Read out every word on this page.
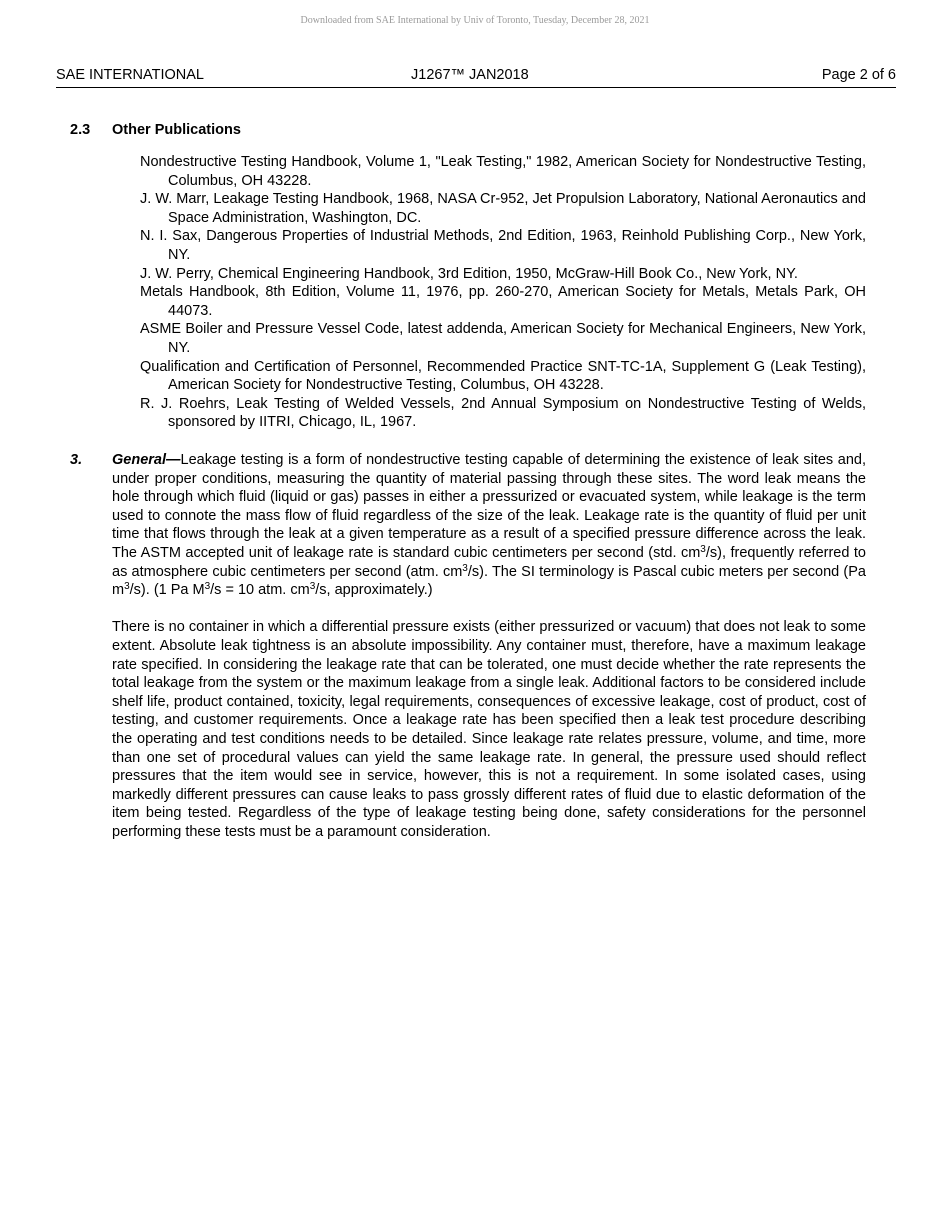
Downloaded from SAE International by Univ of Toronto, Tuesday, December 28, 2021
SAE INTERNATIONAL	J1267™ JAN2018	Page 2 of 6
2.3 Other Publications

Nondestructive Testing Handbook, Volume 1, "Leak Testing," 1982, American Society for Nondestructive Testing, Columbus, OH 43228.

J. W. Marr, Leakage Testing Handbook, 1968, NASA Cr-952, Jet Propulsion Laboratory, National Aeronautics and Space Administration, Washington, DC.

N. I. Sax, Dangerous Properties of Industrial Methods, 2nd Edition, 1963, Reinhold Publishing Corp., New York, NY.

J. W. Perry, Chemical Engineering Handbook, 3rd Edition, 1950, McGraw-Hill Book Co., New York, NY.

Metals Handbook, 8th Edition, Volume 11, 1976, pp. 260-270, American Society for Metals, Metals Park, OH 44073.

ASME Boiler and Pressure Vessel Code, latest addenda, American Society for Mechanical Engineers, New York, NY.

Qualification and Certification of Personnel, Recommended Practice SNT-TC-1A, Supplement G (Leak Testing), American Society for Nondestructive Testing, Columbus, OH 43228.

R. J. Roehrs, Leak Testing of Welded Vessels, 2nd Annual Symposium on Nondestructive Testing of Welds, sponsored by IITRI, Chicago, IL, 1967.

3. General—Leakage testing is a form of nondestructive testing capable of determining the existence of leak sites and, under proper conditions, measuring the quantity of material passing through these sites. The word leak means the hole through which fluid (liquid or gas) passes in either a pressurized or evacuated system, while leakage is the term used to connote the mass flow of fluid regardless of the size of the leak. Leakage rate is the quantity of fluid per unit time that flows through the leak at a given temperature as a result of a specified pressure difference across the leak. The ASTM accepted unit of leakage rate is standard cubic centimeters per second (std. $cm^3/s$), frequently referred to as atmosphere cubic centimeters per second (atm. $cm^3/s$). The SI terminology is Pascal cubic meters per second (Pa $m^3/s$). (1 Pa $M^3/s = 10$ atm. $cm^3/s$, approximately.)

There is no container in which a differential pressure exists (either pressurized or vacuum) that does not leak to some extent. Absolute leak tightness is an absolute impossibility. Any container must, therefore, have a maximum leakage rate specified. In considering the leakage rate that can be tolerated, one must decide whether the rate represents the total leakage from the system or the maximum leakage from a single leak. Additional factors to be considered include shelf life, product contained, toxicity, legal requirements, consequences of excessive leakage, cost of product, cost of testing, and customer requirements. Once a leakage rate has been specified then a leak test procedure describing the operating and test conditions needs to be detailed. Since leakage rate relates pressure, volume, and time, more than one set of procedural values can yield the same leakage rate. In general, the pressure used should reflect pressures that the item would see in service, however, this is not a requirement. In some isolated cases, using markedly different pressures can cause leaks to pass grossly different rates of fluid due to elastic deformation of the item being tested. Regardless of the type of leakage testing being done, safety considerations for the personnel performing these tests must be a paramount consideration.
